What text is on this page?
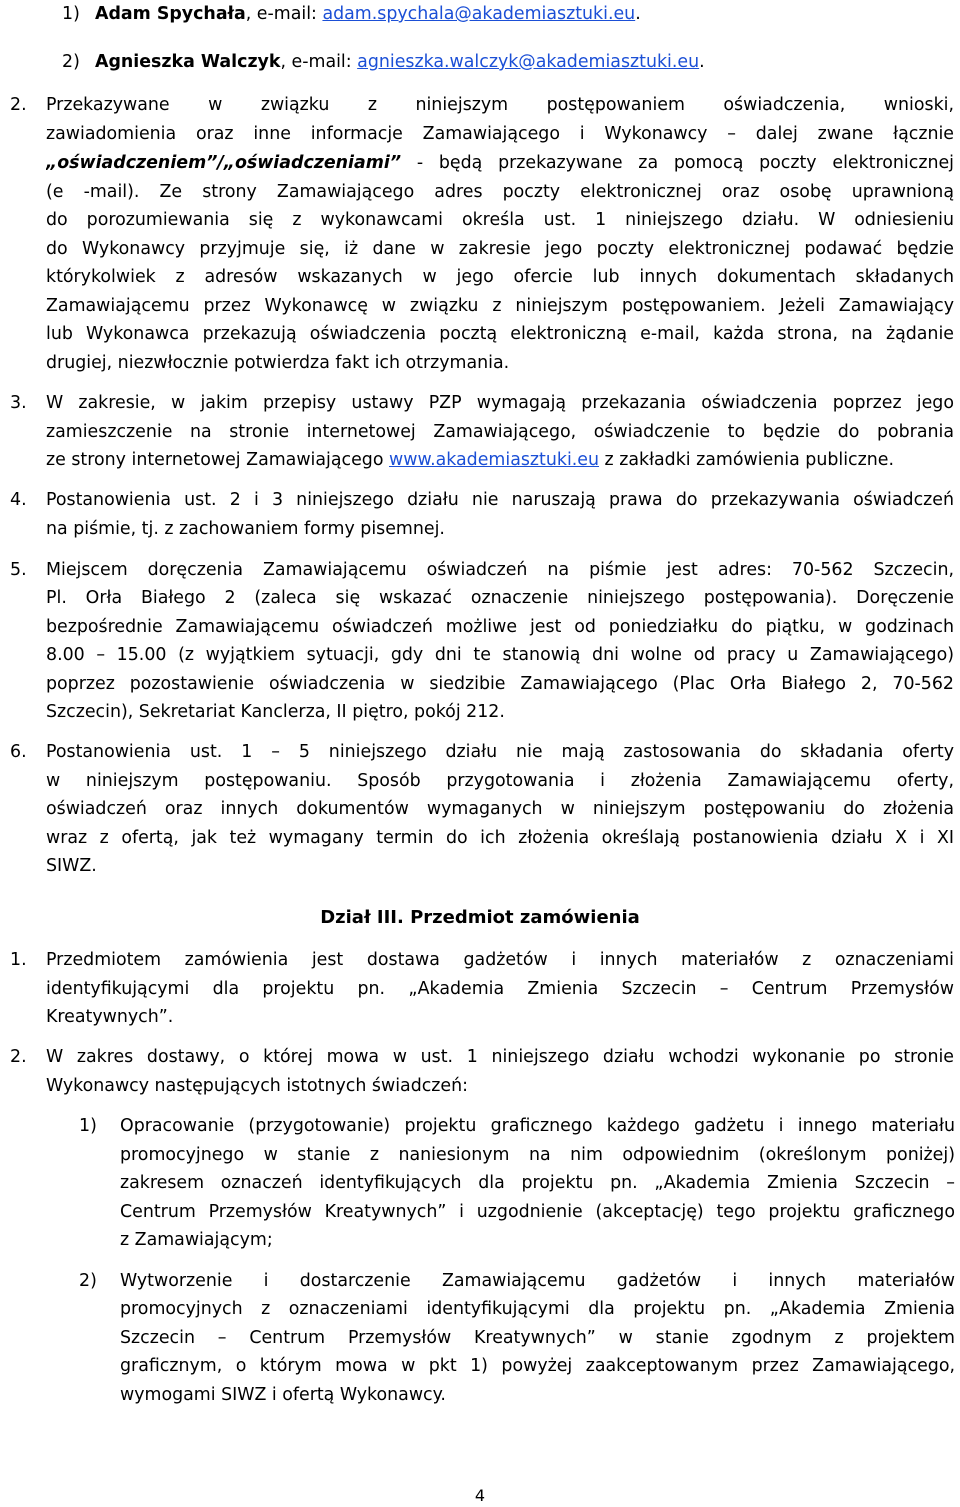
1) Adam Spychała, e-mail: adam.spychala@akademiasztuki.eu.

2) Agnieszka Walczyk, e-mail: agnieszka.walczyk@akademiasztuki.eu.

2. Przekazywane w związku z niniejszym postępowaniem oświadczenia, wnioski,

zawiadomienia oraz inne informacje Zamawiającego i Wykonawcy – dalej zwane łącznie

„oświadczeniem”/„oświadczeniami” - będą przekazywane za pomocą poczty elektronicznej

(e -mail). Ze strony Zamawiającego adres poczty elektronicznej oraz osobę uprawnioną

do porozumiewania się z wykonawcami określa ust. 1 niniejszego działu. W odniesieniu

do Wykonawcy przyjmuje się, iż dane w zakresie jego poczty elektronicznej podawać będzie

którykolwiek z adresów wskazanych w jego ofercie lub innych dokumentach składanych

Zamawiającemu przez Wykonawcę w związku z niniejszym postępowaniem. Jeżeli Zamawiający

lub Wykonawca przekazują oświadczenia pocztą elektroniczną e-mail, każda strona, na żądanie

drugiej, niezwłocznie potwierdza fakt ich otrzymania.

3. W zakresie, w jakim przepisy ustawy PZP wymagają przekazania oświadczenia poprzez jego

zamieszczenie na stronie internetowej Zamawiającego, oświadczenie to będzie do pobrania

ze strony internetowej Zamawiającego www.akademiasztuki.eu z zakładki zamówienia publiczne.

4. Postanowienia ust. 2 i 3 niniejszego działu nie naruszają prawa do przekazywania oświadczeń

na piśmie, tj. z zachowaniem formy pisemnej.

5. Miejscem doręczenia Zamawiającemu oświadczeń na piśmie jest adres: 70-562 Szczecin,

Pl. Orła Białego 2 (zaleca się wskazać oznaczenie niniejszego postępowania). Doręczenie

bezpośrednie Zamawiającemu oświadczeń możliwe jest od poniedziałku do piątku, w godzinach

8.00 – 15.00 (z wyjątkiem sytuacji, gdy dni te stanowią dni wolne od pracy u Zamawiającego)

poprzez pozostawienie oświadczenia w siedzibie Zamawiającego (Plac Orła Białego 2, 70-562

Szczecin), Sekretariat Kanclerza, II piętro, pokój 212.

6. Postanowienia ust. 1 – 5 niniejszego działu nie mają zastosowania do składania oferty

w niniejszym postępowaniu. Sposób przygotowania i złożenia Zamawiającemu oferty,

oświadczeń oraz innych dokumentów wymaganych w niniejszym postępowaniu do złożenia

wraz z ofertą, jak też wymagany termin do ich złożenia określają postanowienia działu X i XI

SIWZ.

Dział III. Przedmiot zamówienia

1. Przedmiotem zamówienia jest dostawa gadżetów i innych materiałów z oznaczeniami

identyfikującymi dla projektu pn. „Akademia Zmienia Szczecin – Centrum Przemysłów

Kreatywnych”.

2. W zakres dostawy, o której mowa w ust. 1 niniejszego działu wchodzi wykonanie po stronie

Wykonawcy następujących istotnych świadczeń:

1) Opracowanie (przygotowanie) projektu graficznego każdego gadżetu i innego materiału

promocyjnego w stanie z naniesionym na nim odpowiednim (określonym poniżej)

zakresem oznaczeń identyfikujących dla projektu pn. „Akademia Zmienia Szczecin –

Centrum Przemysłów Kreatywnych” i uzgodnienie (akceptację) tego projektu graficznego

z Zamawiającym;

2) Wytworzenie i dostarczenie Zamawiającemu gadżetów i innych materiałów

promocyjnych z oznaczeniami identyfikującymi dla projektu pn. „Akademia Zmienia

Szczecin – Centrum Przemysłów Kreatywnych” w stanie zgodnym z projektem

graficznym, o którym mowa w pkt 1) powyżej zaakceptowanym przez Zamawiającego,

wymogami SIWZ i ofertą Wykonawcy.

4
